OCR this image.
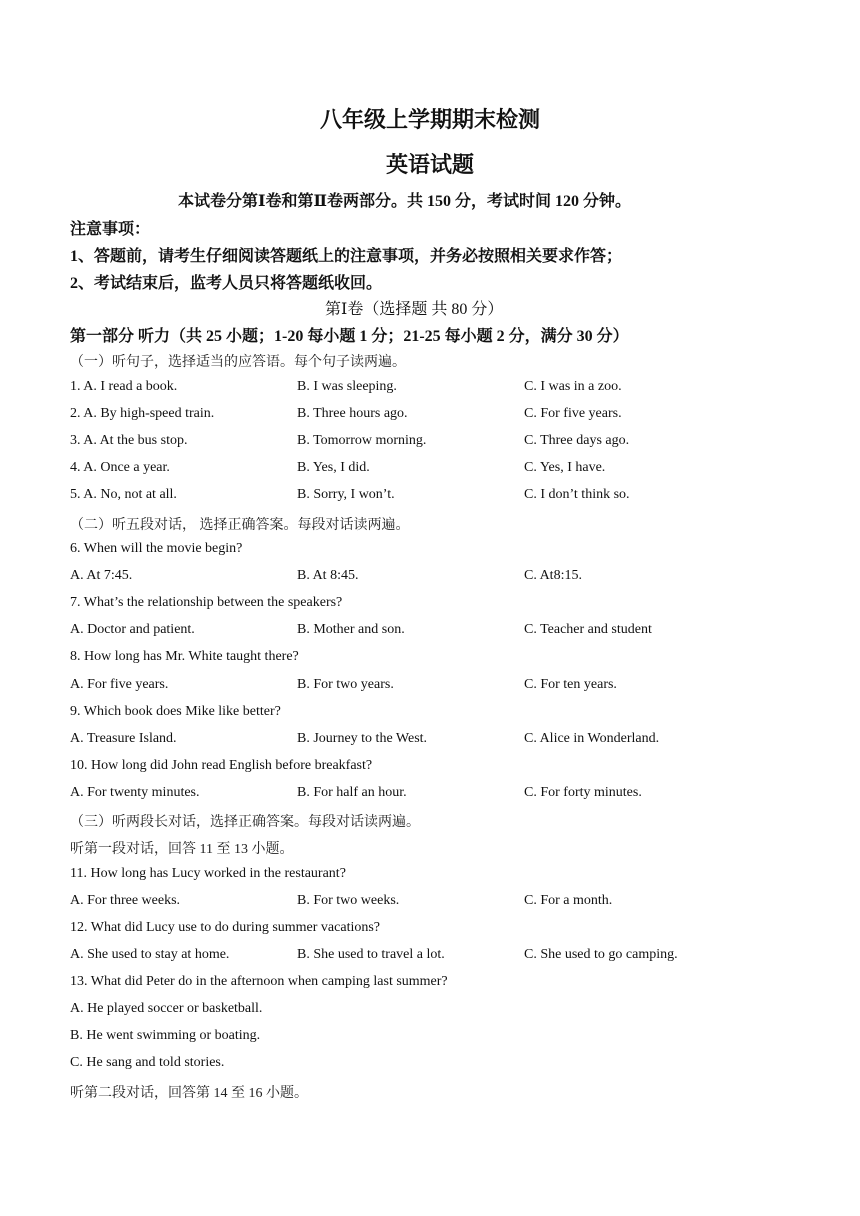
八年级上学期期末检测
英语试题
本试卷分第Ⅰ卷和第Ⅱ卷两部分。共 150 分，考试时间 120 分钟。
注意事项：
1、答题前，请考生仔细阅读答题纸上的注意事项，并务必按照相关要求作答；
2、考试结束后，监考人员只将答题纸收回。
第Ⅰ卷（选择题 共 80 分）
第一部分 听力（共 25 小题；1-20 每小题 1 分；21-25 每小题 2 分，满分 30 分）
（一）听句子，选择适当的应答语。每个句子读两遍。
1. A. I read a book.	B. I was sleeping.	C. I was in a zoo.
2. A. By high-speed train.	B. Three hours ago.	C. For five years.
3. A. At the bus stop.	B. Tomorrow morning.	C. Three days ago.
4. A. Once a year.	B. Yes, I did.	C. Yes, I have.
5. A. No, not at all.	B. Sorry, I won’t.	C. I don’t think so.
（二）听五段对话， 选择正确答案。每段对话读两遍。
6. When will the movie begin?
A. At 7:45.	B. At 8:45.	C. At8:15.
7. What’s the relationship between the speakers?
A. Doctor and patient.	B. Mother and son.	C. Teacher and student
8. How long has Mr. White taught there?
A. For five years.	B. For two years.	C. For ten years.
9. Which book does Mike like better?
A. Treasure Island.	B. Journey to the West.	C. Alice in Wonderland.
10. How long did John read English before breakfast?
A. For twenty minutes.	B. For half an hour.	C. For forty minutes.
（三）听两段长对话，选择正确答案。每段对话读两遍。
听第一段对话，回答 11 至 13 小题。
11. How long has Lucy worked in the restaurant?
A. For three weeks.	B. For two weeks.	C. For a month.
12. What did Lucy use to do during summer vacations?
A. She used to stay at home.	B. She used to travel a lot.	C. She used to go camping.
13. What did Peter do in the afternoon when camping last summer?
A. He played soccer or basketball.
B. He went swimming or boating.
C. He sang and told stories.
听第二段对话，回答第 14 至 16 小题。
